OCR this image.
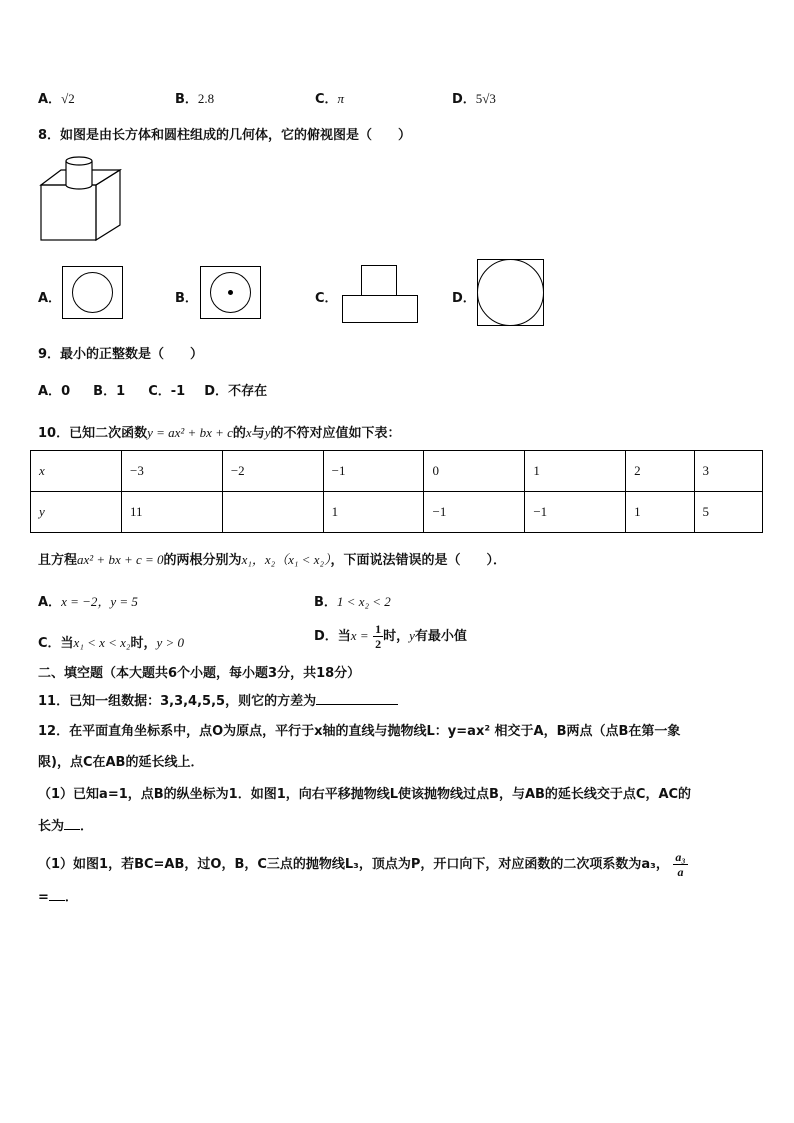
A．√2	B．2.8	C．π	D．5√3
8．如图是由长方体和圆柱组成的几何体，它的俯视图是（　　）
A．	B．	C．	D．
9．最小的正整数是（　　）
A．0 B．1 C．-1 D．不存在
10．已知二次函数y = ax² + bx + c的x与y的不符对应值如下表：
x	−3	−2	−1	0	1	2	3
y	11		1	−1	−1	1	5
且方程ax² + bx + c = 0的两根分别为x₁，x₂（x₁ < x₂），下面说法错误的是（　　）．
A．x = −2，y = 5	B．1 < x₂ < 2
C．当x₁ < x < x₂时，y > 0	D．当$x = \frac{1}{2}$ 时，y有最小值
二、填空题（本大题共6个小题，每小题3分，共18分）
11．已知一组数据：3,3,4,5,5，则它的方差为
12．在平面直角坐标系中，点O为原点，平行于x轴的直线与抛物线L：y=ax² 相交于A，B两点（点B在第一象
限)，点C在AB的延长线上．
（1）已知a=1，点B的纵坐标为1．如图1，向右平移抛物线L使该抛物线过点B，与AB的延长线交于点C，AC的
长为 ．
（1）如图1，若BC=AB，过O，B，C三点的抛物线L₃，顶点为P，开口向下，对应函数的二次项系数为a₃， $\frac{\text{a₃}}{a}$
= ．
